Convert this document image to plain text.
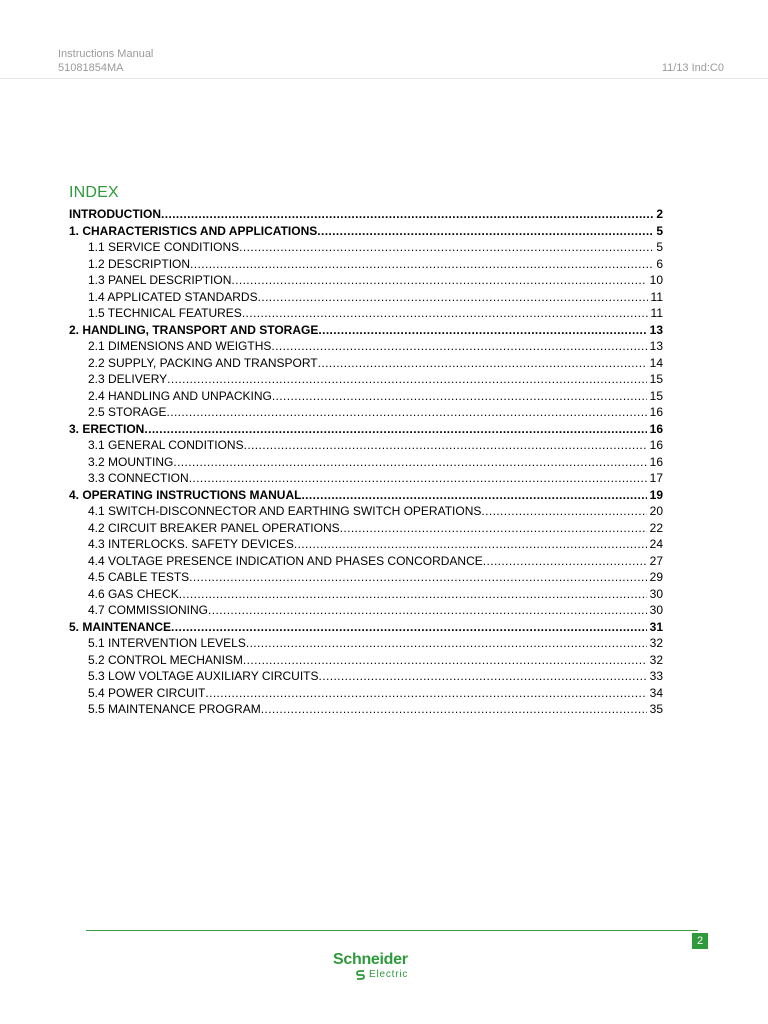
Instructions Manual
51081854MA	11/13 Ind:C0
INDEX
INTRODUCTION .....	2
1. CHARACTERISTICS AND APPLICATIONS .....	5
1.1 SERVICE CONDITIONS .....	5
1.2 DESCRIPTION .....	6
1.3 PANEL DESCRIPTION .....	10
1.4 APPLICATED STANDARDS .....	11
1.5 TECHNICAL FEATURES .....	11
2. HANDLING, TRANSPORT AND STORAGE .....	13
2.1 DIMENSIONS AND WEIGTHS .....	13
2.2 SUPPLY, PACKING AND TRANSPORT .....	14
2.3 DELIVERY .....	15
2.4 HANDLING AND UNPACKING .....	15
2.5 STORAGE .....	16
3. ERECTION .....	16
3.1 GENERAL CONDITIONS .....	16
3.2 MOUNTING .....	16
3.3 CONNECTION .....	17
4. OPERATING INSTRUCTIONS MANUAL .....	19
4.1 SWITCH-DISCONNECTOR AND EARTHING SWITCH OPERATIONS .....	20
4.2 CIRCUIT BREAKER PANEL OPERATIONS .....	22
4.3 INTERLOCKS. SAFETY DEVICES .....	24
4.4 VOLTAGE PRESENCE INDICATION AND PHASES CONCORDANCE .....	27
4.5 CABLE TESTS .....	29
4.6 GAS CHECK .....	30
4.7 COMMISSIONING .....	30
5. MAINTENANCE .....	31
5.1 INTERVENTION LEVELS .....	32
5.2 CONTROL MECHANISM .....	32
5.3 LOW VOLTAGE AUXILIARY CIRCUITS .....	33
5.4 POWER CIRCUIT .....	34
5.5 MAINTENANCE PROGRAM .....	35
2
Schneider
Electric
